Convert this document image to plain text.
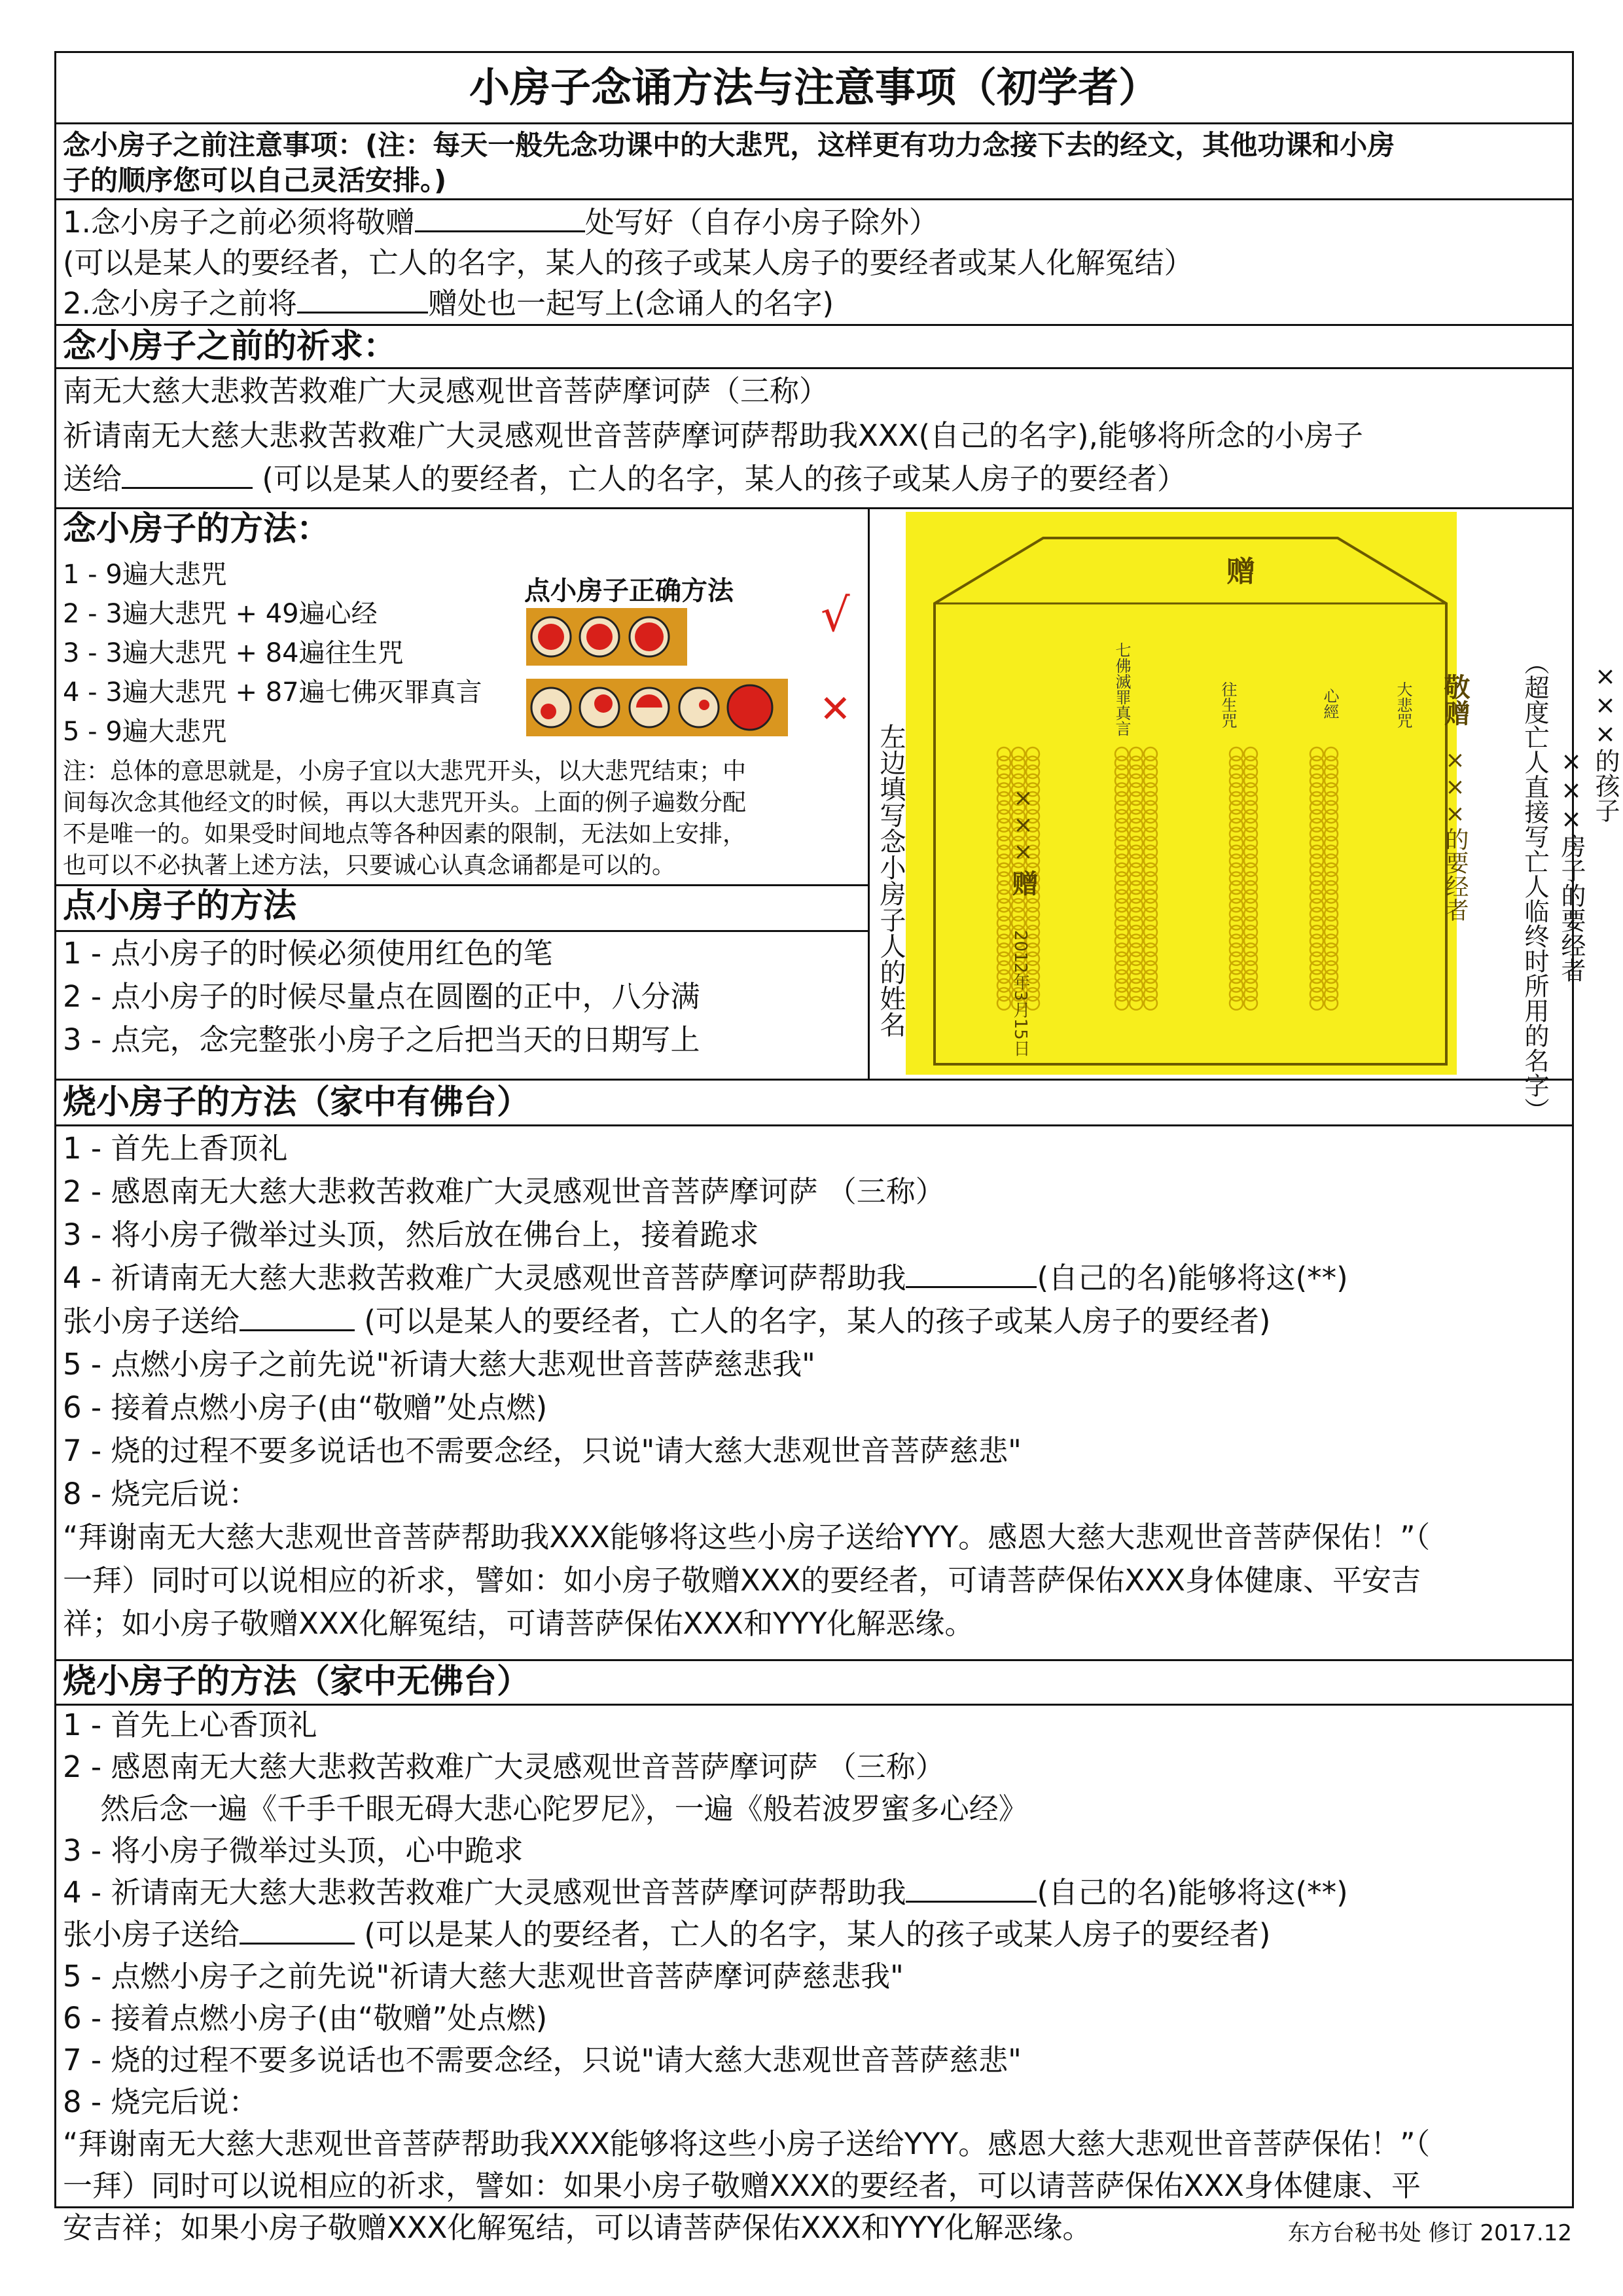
小房子念诵方法与注意事项（初学者）
念小房子之前注意事项：(注：每天一般先念功课中的大悲咒，这样更有功力念接下去的经文，其他功课和小房
子的顺序您可以自己灵活安排。)
1.念小房子之前必须将敬赠	处写好（自存小房子除外）
(可以是某人的要经者，亡人的名字，某人的孩子或某人房子的要经者或某人化解冤结）
2.念小房子之前将	赠处也一起写上(念诵人的名字)
念小房子之前的祈求：
南无大慈大悲救苦救难广大灵感观世音菩萨摩诃萨（三称）
祈请南无大慈大悲救苦救难广大灵感观世音菩萨摩诃萨帮助我XXX(自己的名字),能够将所念的小房子
送给	(可以是某人的要经者，亡人的名字，某人的孩子或某人房子的要经者）
念小房子的方法：
1 - 9遍大悲咒
2 - 3遍大悲咒 + 49遍心经
3 - 3遍大悲咒 + 84遍往生咒
4 - 3遍大悲咒 + 87遍七佛灭罪真言
5 - 9遍大悲咒
点小房子正确方法 √
✕
注：总体的意思就是，小房子宜以大悲咒开头，以大悲咒结束；中
间每次念其他经文的时候，再以大悲咒开头。上面的例子遍数分配
不是唯一的。如果受时间地点等各种因素的限制，无法如上安排，
也可以不必执著上述方法，只要诚心认真念诵都是可以的。
点小房子的方法
1 - 点小房子的时候必须使用红色的笔
2 - 点小房子的时候尽量点在圆圈的正中，八分满
3 - 点完，念完整张小房子之后把当天的日期写上
左边填写念小房子人的姓名
赠
七佛滅罪真言	往生咒	心經	大悲咒 敬赠
×××的要经者
×××
赠
2012年3月15日
×××的孩子
×××房子的要经者
（超度亡人直接写亡人临终时所用的名字）
烧小房子的方法（家中有佛台）
1 - 首先上香顶礼
2 - 感恩南无大慈大悲救苦救难广大灵感观世音菩萨摩诃萨 （三称）
3 - 将小房子微举过头顶，然后放在佛台上，接着跪求
4 - 祈请南无大慈大悲救苦救难广大灵感观世音菩萨摩诃萨帮助我	(自己的名)能够将这(**)
张小房子送给	(可以是某人的要经者，亡人的名字，某人的孩子或某人房子的要经者)
5 - 点燃小房子之前先说"祈请大慈大悲观世音菩萨慈悲我"
6 - 接着点燃小房子(由“敬赠”处点燃)
7 - 烧的过程不要多说话也不需要念经，只说"请大慈大悲观世音菩萨慈悲"
8 - 烧完后说：
“拜谢南无大慈大悲观世音菩萨帮助我XXX能够将这些小房子送给YYY。感恩大慈大悲观世音菩萨保佑！”（
一拜）同时可以说相应的祈求，譬如：如小房子敬赠XXX的要经者，可请菩萨保佑XXX身体健康、平安吉
祥；如小房子敬赠XXX化解冤结，可请菩萨保佑XXX和YYY化解恶缘。
烧小房子的方法（家中无佛台）
1 - 首先上心香顶礼
2 - 感恩南无大慈大悲救苦救难广大灵感观世音菩萨摩诃萨 （三称）
然后念一遍《千手千眼无碍大悲心陀罗尼》，一遍《般若波罗蜜多心经》
3 - 将小房子微举过头顶，心中跪求
4 - 祈请南无大慈大悲救苦救难广大灵感观世音菩萨摩诃萨帮助我	(自己的名)能够将这(**)
张小房子送给	(可以是某人的要经者，亡人的名字，某人的孩子或某人房子的要经者)
5 - 点燃小房子之前先说"祈请大慈大悲观世音菩萨摩诃萨慈悲我"
6 - 接着点燃小房子(由“敬赠”处点燃)
7 - 烧的过程不要多说话也不需要念经，只说"请大慈大悲观世音菩萨慈悲"
8 - 烧完后说：
“拜谢南无大慈大悲观世音菩萨帮助我XXX能够将这些小房子送给YYY。感恩大慈大悲观世音菩萨保佑！”（
一拜）同时可以说相应的祈求，譬如：如果小房子敬赠XXX的要经者，可以请菩萨保佑XXX身体健康、平
安吉祥；如果小房子敬赠XXX化解冤结，可以请菩萨保佑XXX和YYY化解恶缘。	东方台秘书处 修订 2017.12
